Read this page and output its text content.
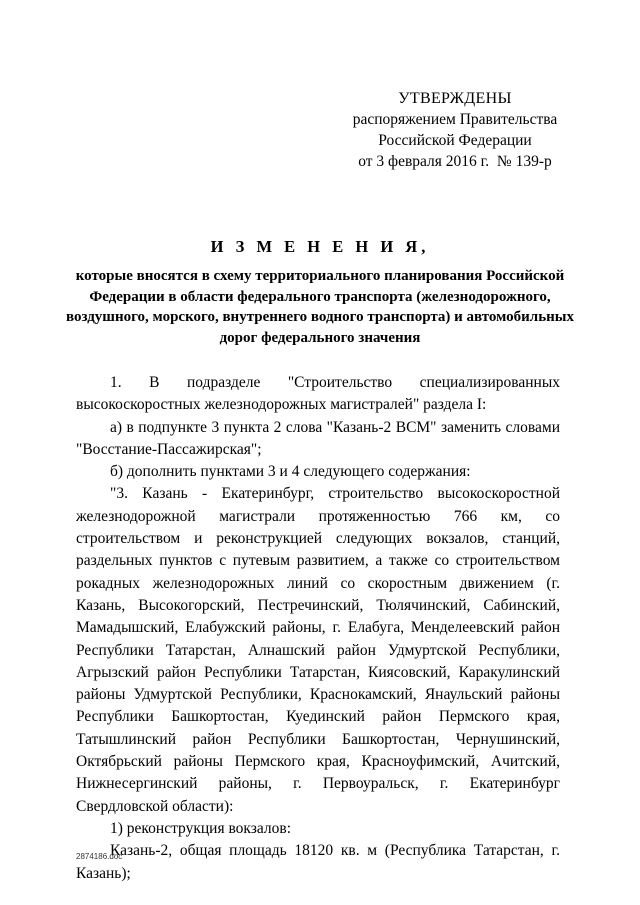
УТВЕРЖДЕНЫ
распоряжением Правительства
Российской Федерации
от 3 февраля 2016 г.  № 139-р
И З М Е Н Е Н И Я,
которые вносятся в схему территориального планирования Российской Федерации в области федерального транспорта (железнодорожного, воздушного, морского, внутреннего водного транспорта) и автомобильных дорог федерального значения

1. В подразделе "Строительство специализированных высокоскоростных железнодорожных магистралей" раздела I:

а) в подпункте 3 пункта 2 слова "Казань-2 ВСМ" заменить словами "Восстание-Пассажирская";

б) дополнить пунктами 3 и 4 следующего содержания:

"3. Казань - Екатеринбург, строительство высокоскоростной железнодорожной магистрали протяженностью 766 км, со строительством и реконструкцией следующих вокзалов, станций, раздельных пунктов с путевым развитием, а также со строительством рокадных железнодорожных линий со скоростным движением (г. Казань, Высокогорский, Пестречинский, Тюлячинский, Сабинский, Мамадышский, Елабужский районы, г. Елабуга, Менделеевский район Республики Татарстан, Алнашский район Удмуртской Республики, Агрызский район Республики Татарстан, Киясовский, Каракулинский районы Удмуртской Республики, Краснокамский, Янаульский районы Республики Башкортостан, Куединский район Пермского края, Татышлинский район Республики Башкортостан, Чернушинский, Октябрьский районы Пермского края, Красноуфимский, Ачитский, Нижнесергинский районы, г. Первоуральск, г. Екатеринбург Свердловской области):

1) реконструкция вокзалов:

Казань-2, общая площадь 18120 кв. м (Республика Татарстан, г. Казань);

2874186.doc
